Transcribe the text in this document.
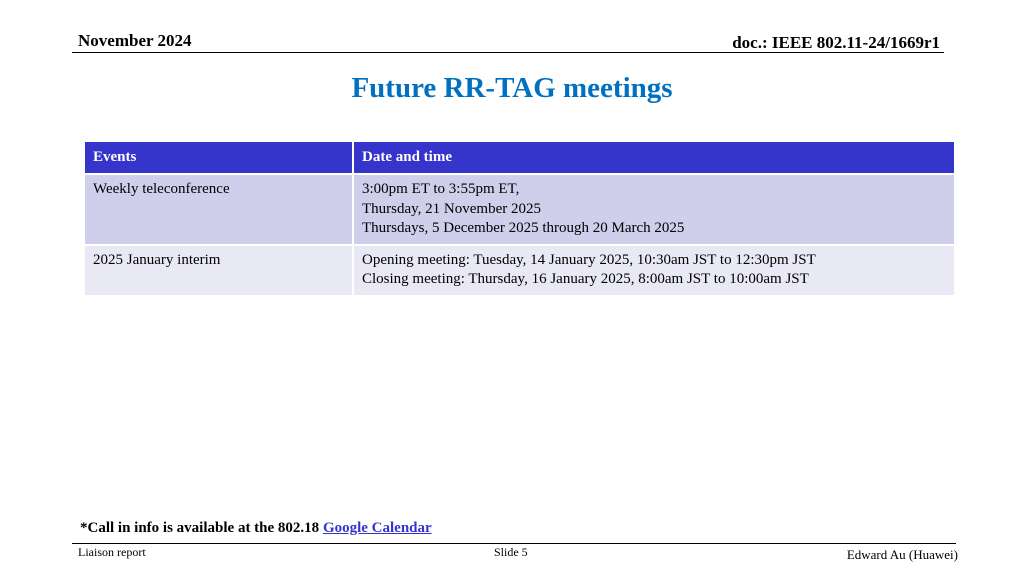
November 2024	doc.: IEEE 802.11-24/1669r1
Future RR-TAG meetings
Events	Date and time
Weekly teleconference	3:00pm ET to 3:55pm ET,
Thursday, 21 November 2025
Thursdays, 5 December 2025 through 20 March 2025

2025 January interim	Opening meeting: Tuesday, 14 January 2025, 10:30am JST to 12:30pm JST
Closing meeting: Thursday, 16 January 2025, 8:00am JST to 10:00am JST
*Call in info is available at the 802.18 Google Calendar
Liaison report	Slide 5	Edward Au (Huawei)
